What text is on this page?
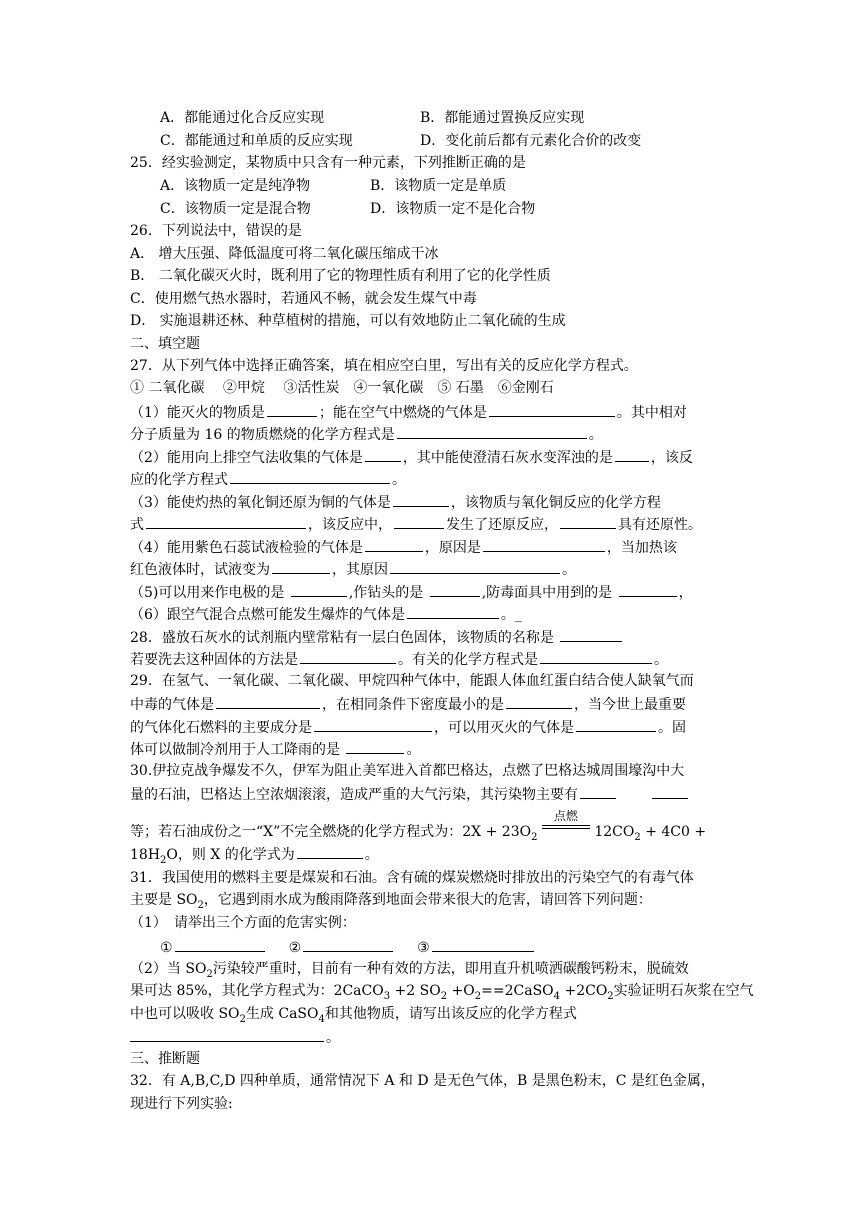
A．都能通过化合反应实现	B．都能通过置换反应实现
C．都能通过和单质的反应实现	D．变化前后都有元素化合价的改变
25．经实验测定，某物质中只含有一种元素，下列推断正确的是
A．该物质一定是纯净物	B．该物质一定是单质
C．该物质一定是混合物	D．该物质一定不是化合物
26．下列说法中，错误的是
A． 增大压强、降低温度可将二氧化碳压缩成干冰
B． 二氧化碳灭火时，既利用了它的物理性质有利用了它的化学性质
C．使用燃气热水器时，若通风不畅，就会发生煤气中毒
D． 实施退耕还林、种草植树的措施，可以有效地防止二氧化硫的生成
二、填空题
27．从下列气体中选择正确答案，填在相应空白里，写出有关的反应化学方程式。
① 二氧化碳　 ②甲烷　 ③活性炭　④一氧化碳　⑤ 石墨　⑥金刚石
（1）能灭火的物质是	；能在空气中燃烧的气体是	。其中相对
分子质量为 16 的物质燃烧的化学方程式是	。
（2）能用向上排空气法收集的气体是	，其中能使澄清石灰水变浑浊的是	，该反
应的化学方程式	。
（3）能使灼热的氧化铜还原为铜的气体是	，该物质与氧化铜反应的化学方程
式	，该反应中，	发生了还原反应，	具有还原性。
（4）能用紫色石蕊试液检验的气体是	，原因是	，当加热该
红色液体时，试液变为	，其原因	。
（5)可以用来作电极的是	,作钻头的是	,防毒面具中用到的是	，
（6）跟空气混合点燃可能发生爆炸的气体是	。_
28．盛放石灰水的试剂瓶内壁常粘有一层白色固体，该物质的名称是
若要洗去这种固体的方法是	。有关的化学方程式是	。
29．在氢气、一氧化碳、二氧化碳、甲烷四种气体中，能跟人体血红蛋白结合使人缺氧气而
中毒的气体是	，在相同条件下密度最小的是	，当今世上最重要
的气体化石燃料的主要成分是	，可以用灭火的气体是	。固
体可以做制冷剂用于人工降雨的是	。
30.伊拉克战争爆发不久，伊军为阻止美军进入首都巴格达，点燃了巴格达城周围壕沟中大
量的石油，巴格达上空浓烟滚滚，造成严重的大气污染，其污染物主要有
等；若石油成份之一“X”不完全燃烧的化学方程式为：$2X + 23O_2$
点燃
$12CO_2 + 4C0$ +
$18H_2O$，则 X 的化学式为	。
31．我国使用的燃料主要是煤炭和石油。含有硫的煤炭燃烧时排放出的污染空气的有毒气体
主要是 $SO_2$，它遇到雨水成为酸雨降落到地面会带来很大的危害，请回答下列问题：
（1）　请举出三个方面的危害实例：
①	②	③
（2）当 $SO_2$污染较严重时，目前有一种有效的方法，即用直升机喷洒碳酸钙粉末，脱硫效
果可达 85%，其化学方程式为：2CaCO$_3$ +2 $SO_2$ $+O_2==2CaSO_4 +2CO_2$实验证明石灰浆在空气
中也可以吸收 $SO_2$生成 CaSO$_4$和其他物质，请写出该反应的化学方程式
。
三、推断题
32．有 A,B,C,D 四种单质，通常情况下 A 和 D 是无色气体，B 是黑色粉末，C 是红色金属，
现进行下列实验:
